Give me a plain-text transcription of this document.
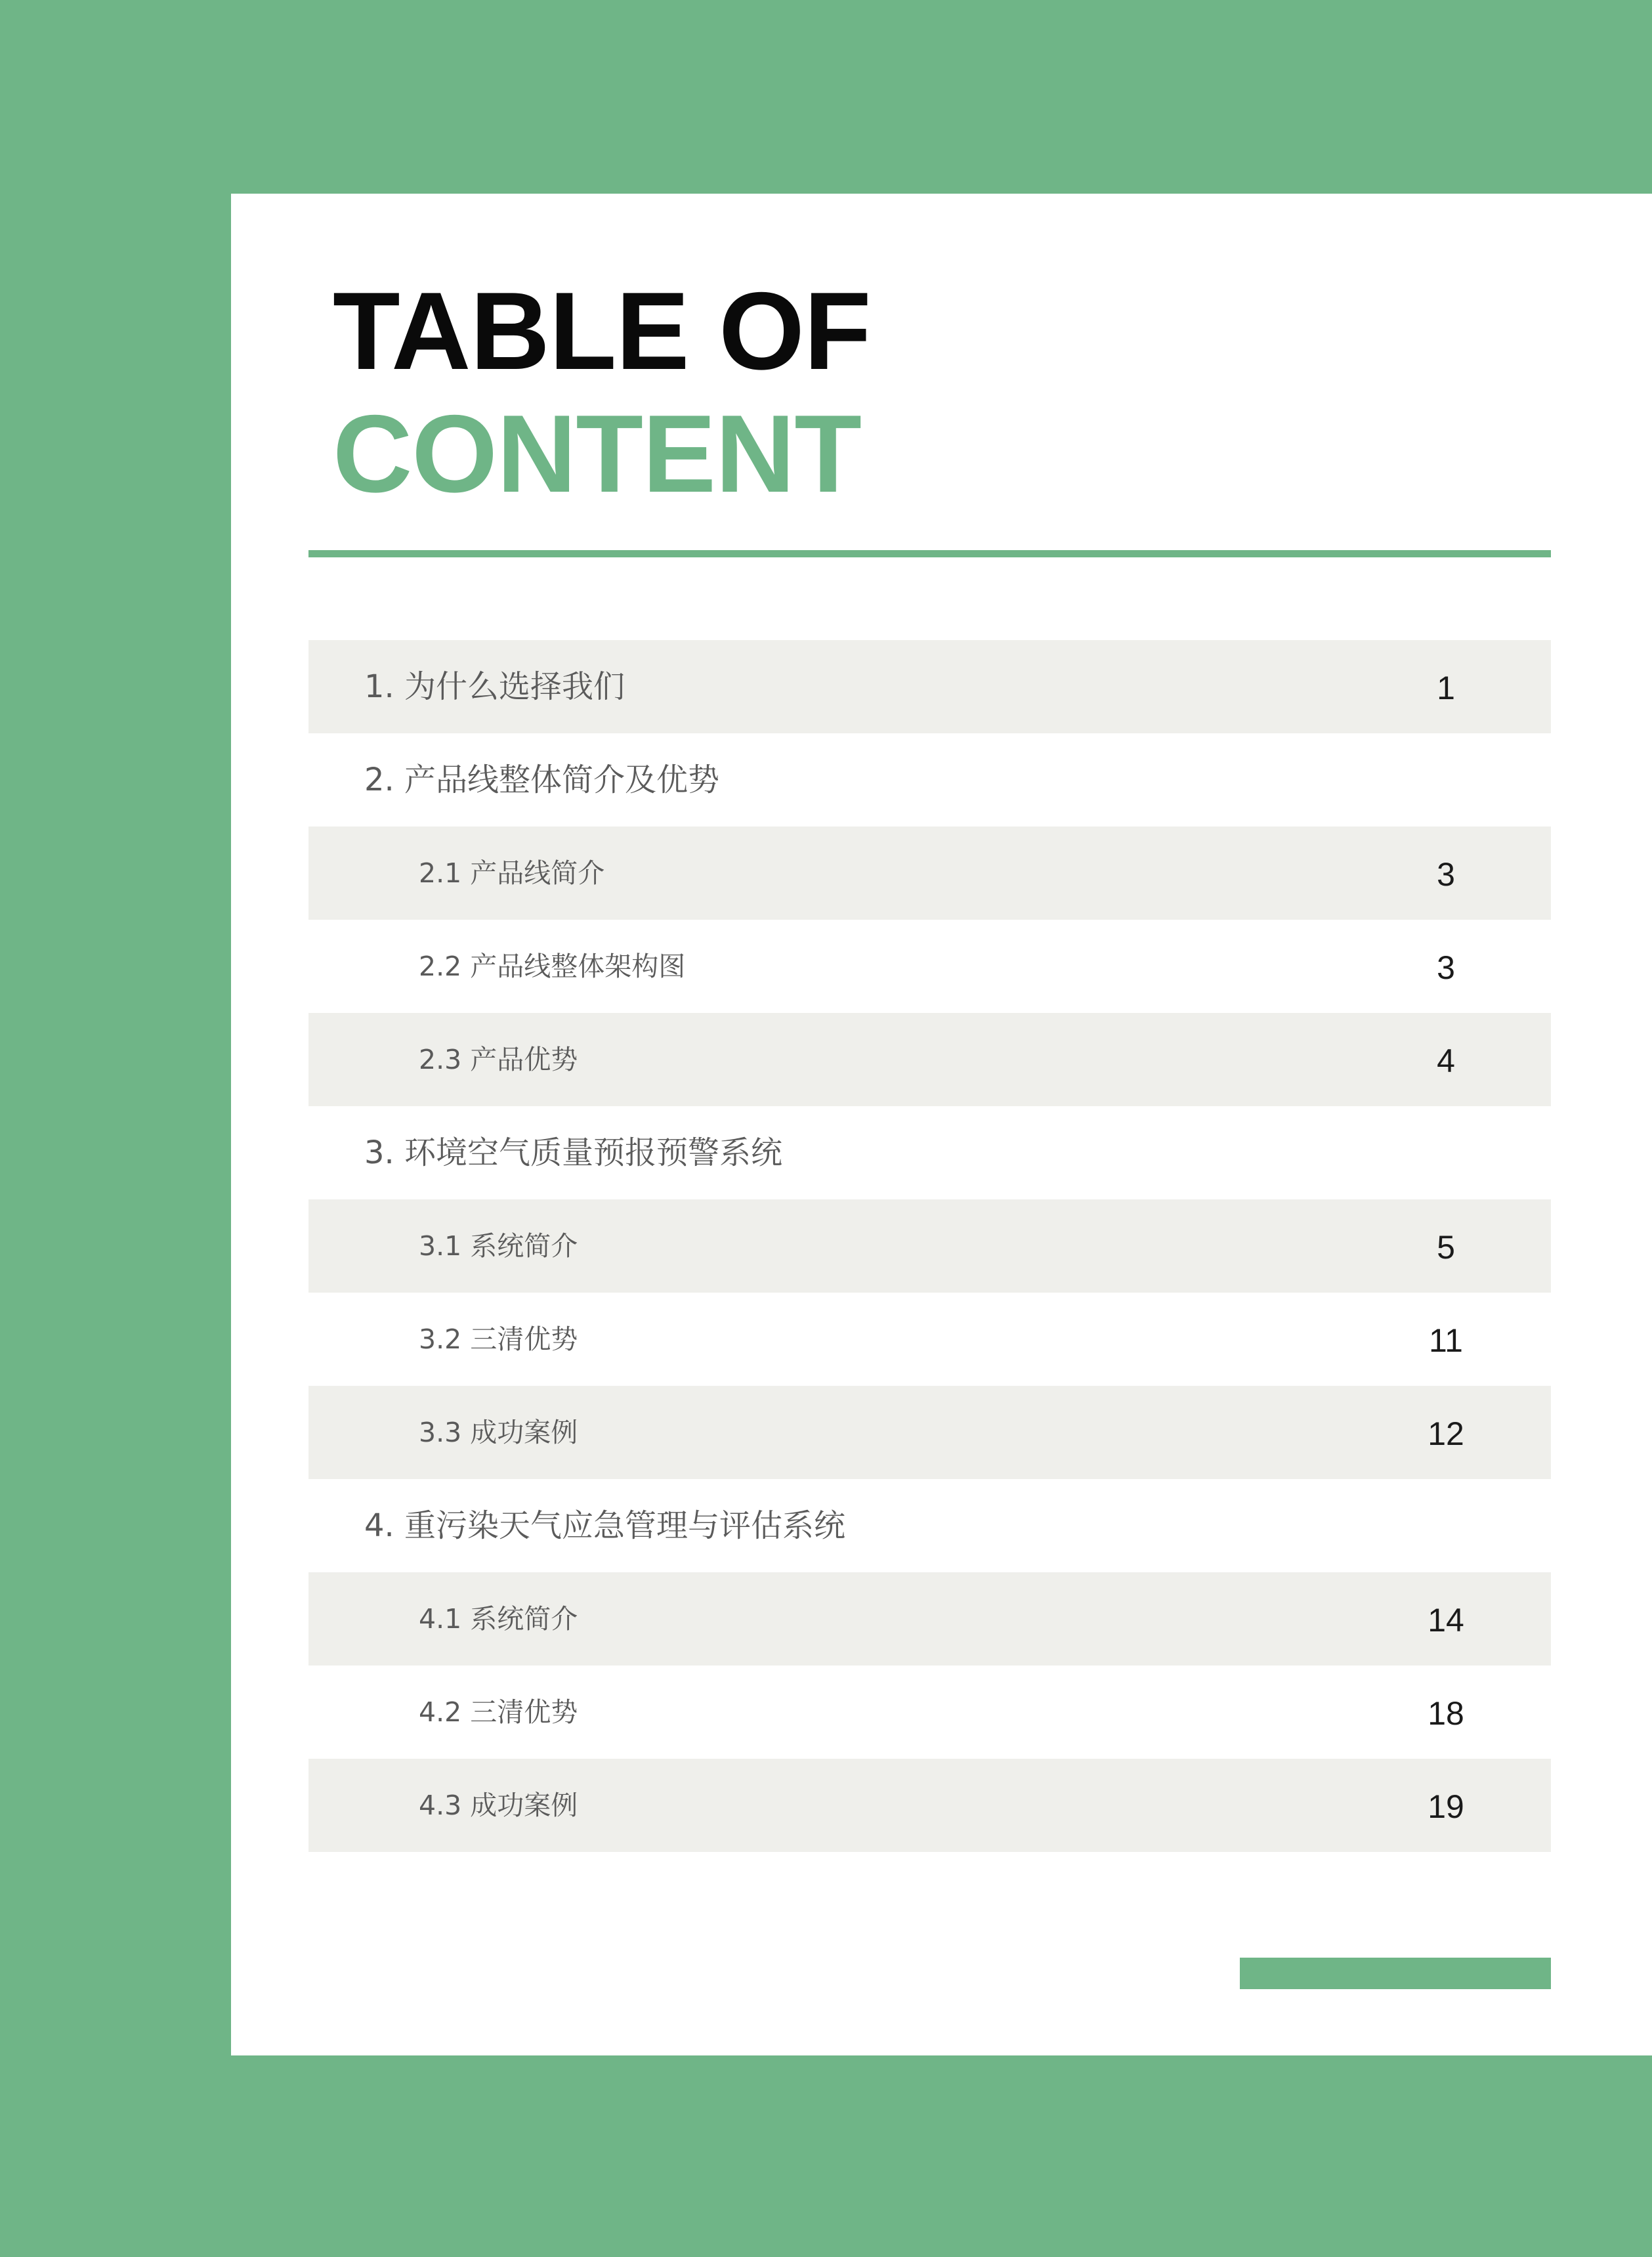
TABLE OF
CONTENT
1. 为什么选择我们	1
2. 产品线整体简介及优势
2.1 产品线简介	3
2.2 产品线整体架构图	3
2.3 产品优势	4
3. 环境空气质量预报预警系统
3.1 系统简介	5
3.2 三清优势	11
3.3 成功案例	12
4. 重污染天气应急管理与评估系统
4.1 系统简介	14
4.2 三清优势	18
4.3 成功案例	19
